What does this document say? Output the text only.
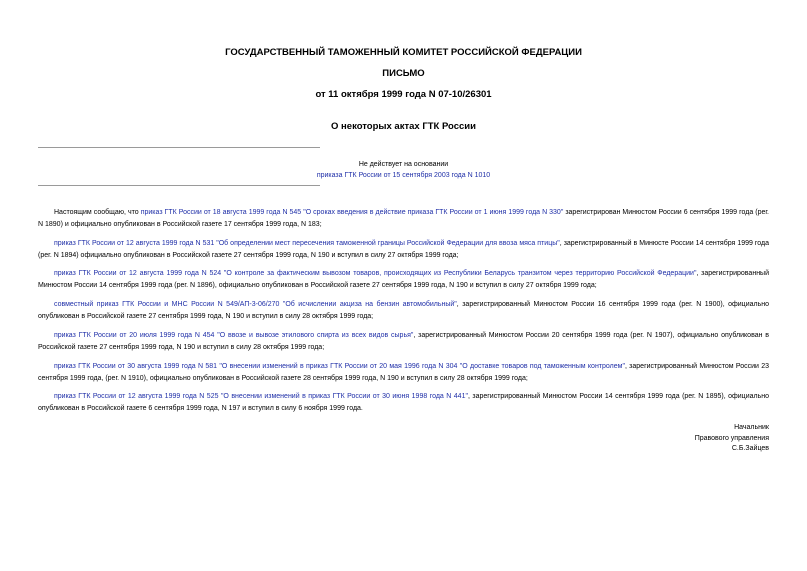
ГОСУДАРСТВЕННЫЙ ТАМОЖЕННЫЙ КОМИТЕТ РОССИЙСКОЙ ФЕДЕРАЦИИ
ПИСЬМО
от 11 октября 1999 года N 07-10/26301
О некоторых актах ГТК России
Не действует на основании
приказа ГТК России от 15 сентября 2003 года N 1010
Настоящим сообщаю, что приказ ГТК России от 18 августа 1999 года N 545 "О сроках введения в действие приказа ГТК России от 1 июня 1999 года N 330" зарегистрирован Минюстом России 6 сентября 1999 года (рег. N 1890) и официально опубликован в Российской газете 17 сентября 1999 года, N 183;
приказ ГТК России от 12 августа 1999 года N 531 "Об определении мест пересечения таможенной границы Российской Федерации для ввоза мяса птицы", зарегистрированный в Минюсте России 14 сентября 1999 года (рег. N 1894) официально опубликован в Российской газете 27 сентября 1999 года, N 190 и вступил в силу 27 октября 1999 года;
приказ ГТК России от 12 августа 1999 года N 524 "О контроле за фактическим вывозом товаров, происходящих из Республики Беларусь транзитом через территорию Российской Федерации", зарегистрированный Минюстом России 14 сентября 1999 года (рег. N 1896), официально опубликован в Российской газете 27 сентября 1999 года, N 190 и вступил в силу 27 октября 1999 года;
совместный приказ ГТК России и МНС России N 549/АП-3-06/270 "Об исчислении акциза на бензин автомобильный", зарегистрированный Минюстом России 16 сентября 1999 года (рег. N 1900), официально опубликован в Российской газете 27 сентября 1999 года, N 190 и вступил в силу 28 октября 1999 года;
приказ ГТК России от 20 июля 1999 года N 454 "О ввозе и вывозе этилового спирта из всех видов сырья", зарегистрированный Минюстом России 20 сентября 1999 года (рег. N 1907), официально опубликован в Российской газете 27 сентября 1999 года, N 190 и вступил в силу 28 октября 1999 года;
приказ ГТК России от 30 августа 1999 года N 581 "О внесении изменений в приказ ГТК России от 20 мая 1996 года N 304 "О доставке товаров под таможенным контролем", зарегистрированный Минюстом России 23 сентября 1999 года, (рег. N 1910), официально опубликован в Российской газете 28 сентября 1999 года, N 190 и вступил в силу 28 октября 1999 года;
приказ ГТК России от 12 августа 1999 года N 525 "О внесении изменений в приказ ГТК России от 30 июня 1998 года N 441", зарегистрированный Минюстом России 14 сентября 1999 года (рег. N 1895), официально опубликован в Российской газете 6 сентября 1999 года, N 197 и вступил в силу 6 ноября 1999 года.
Начальник
Правового управления
С.Б.Зайцев
